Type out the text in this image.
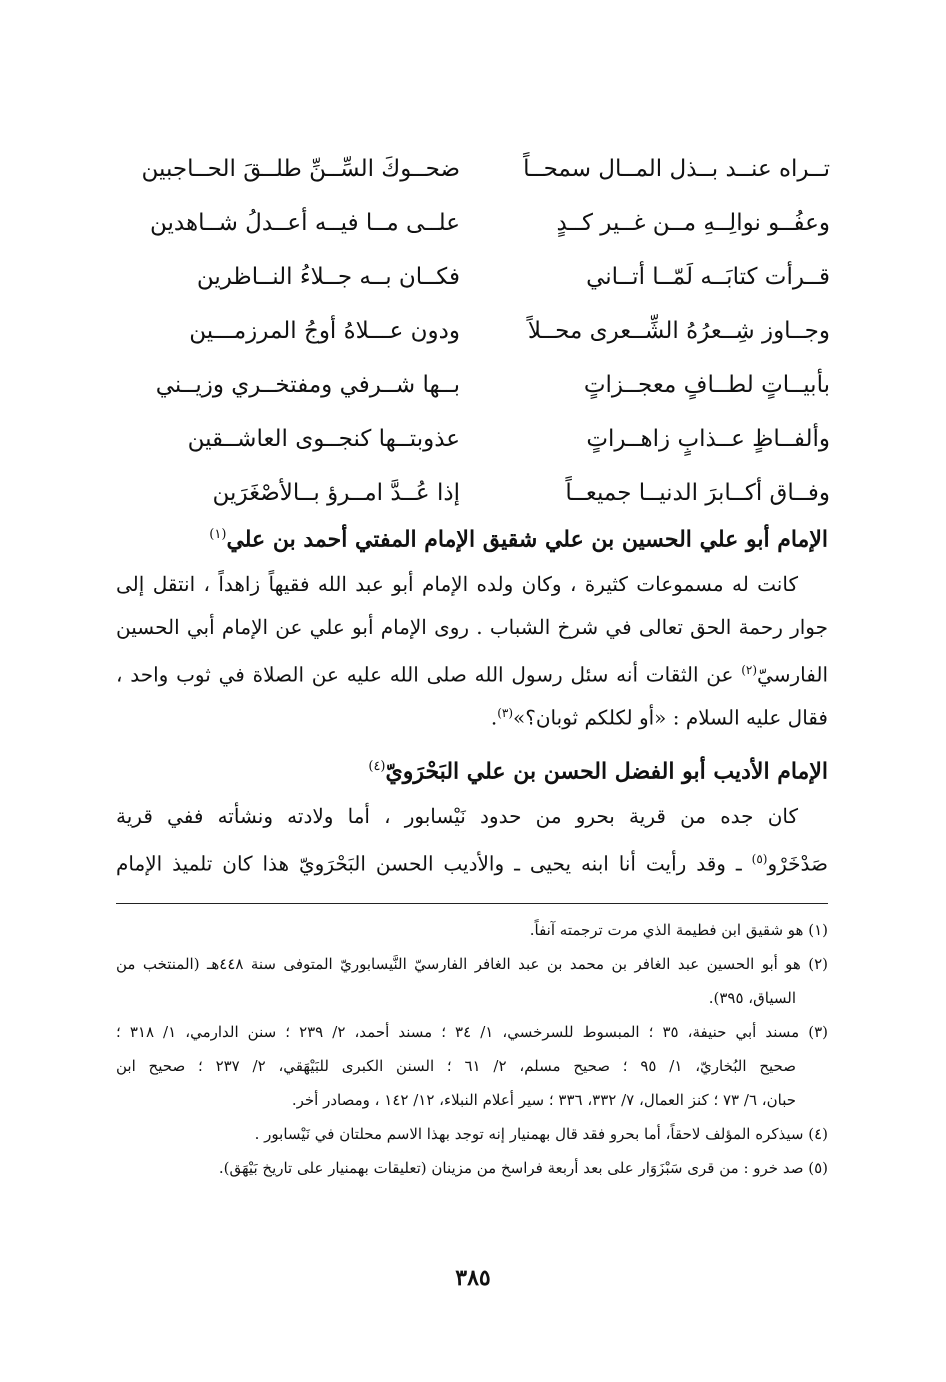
تــراه عنــد بــذل المــال سمحــاً
ضحــوكَ السِّــنِّ طلــقَ الحــاجبين
وعفُــو نوالِــهِ مــن غــير كــدٍ
علــى مــا فيــه أعــدلُ شــاهدين
قــرأت كتابَــه لَمّــا أتــاني
فكــان بــه جــلاءُ النــاظرين
وجــاوز شِــعرُهُ الشِّــعرى محــلاً
ودون عـــلاهُ أوجُ المرزمـــين
بأبيــاتٍ لطــافٍ معجــزاتٍ
بــها شــرفي ومفتخــري وزيــني
وألفــاظٍ عــذابٍ زاهــراتٍ
عذوبتــها كنجــوى العاشــقين
وفــاق أكــابرَ الدنيــا جميعــاً
إذا عُــدَّ امــرؤ بــالأصْغَرَين
الإمام أبو علي الحسين بن علي شقيق الإمام المفتي أحمد بن علي$^{(١)}$
كانت له مسموعات كثيرة ، وكان ولده الإمام أبو عبد الله فقيهاً زاهداً ، انتقل إلى
جوار رحمة الحق تعالى في شرخ الشباب . روى الإمام أبو علي عن الإمام أبي الحسين
الفارسيّ$^{(٢)}$ عن الثقات أنه سئل رسول الله صلى الله عليه عن الصلاة في ثوب واحد ،
فقال عليه السلام : «أو لكلكم ثوبان؟»$^{(٣)}$.
الإمام الأديب أبو الفضل الحسن بن علي البَحْرَويّ$^{(٤)}$
كان جده من قرية بحرو من حدود نَيْسابور ، أما ولادته ونشأته ففي قرية
صَدْخَرْو$^{(٥)}$ ـ وقد رأيت أنا ابنه يحيى ـ والأديب الحسن البَحْرَويّ هذا كان تلميذ الإمام
(١) هو شقيق ابن فطيمة الذي مرت ترجمته آنفاً.
(٢) هو أبو الحسين عبد الغافر بن محمد بن عبد الغافر الفارسيّ النَّيسابوريّ المتوفى سنة ٤٤٨هـ (المنتخب من
السياق، ٣٩٥).
(٣) مسند أبي حنيفة، ٣٥ ؛ المبسوط للسرخسي، ١/ ٣٤ ؛ مسند أحمد، ٢/ ٢٣٩ ؛ سنن الدارمي، ١/ ٣١٨ ؛
صحيح البُخاريّ، ١/ ٩٥ ؛ صحيح مسلم، ٢/ ٦١ ؛ السنن الكبرى للبَيْهَقي، ٢/ ٢٣٧ ؛ صحيح ابن
حبان، ٦/ ٧٣ ؛ كنز العمال، ٧/ ٣٣٢، ٣٣٦ ؛ سير أعلام النبلاء، ١٢/ ١٤٢ ، ومصادر أخر.
(٤) سيذكره المؤلف لاحقاً، أما بحرو فقد قال بهمنيار إنه توجد بهذا الاسم محلتان في نَيْسابور .
(٥) صد خرو : من قرى سَبْزَوَار على بعد أربعة فراسخ من مزينان (تعليقات بهمنيار على تاريخ بَيْهَق).
٣٨٥
